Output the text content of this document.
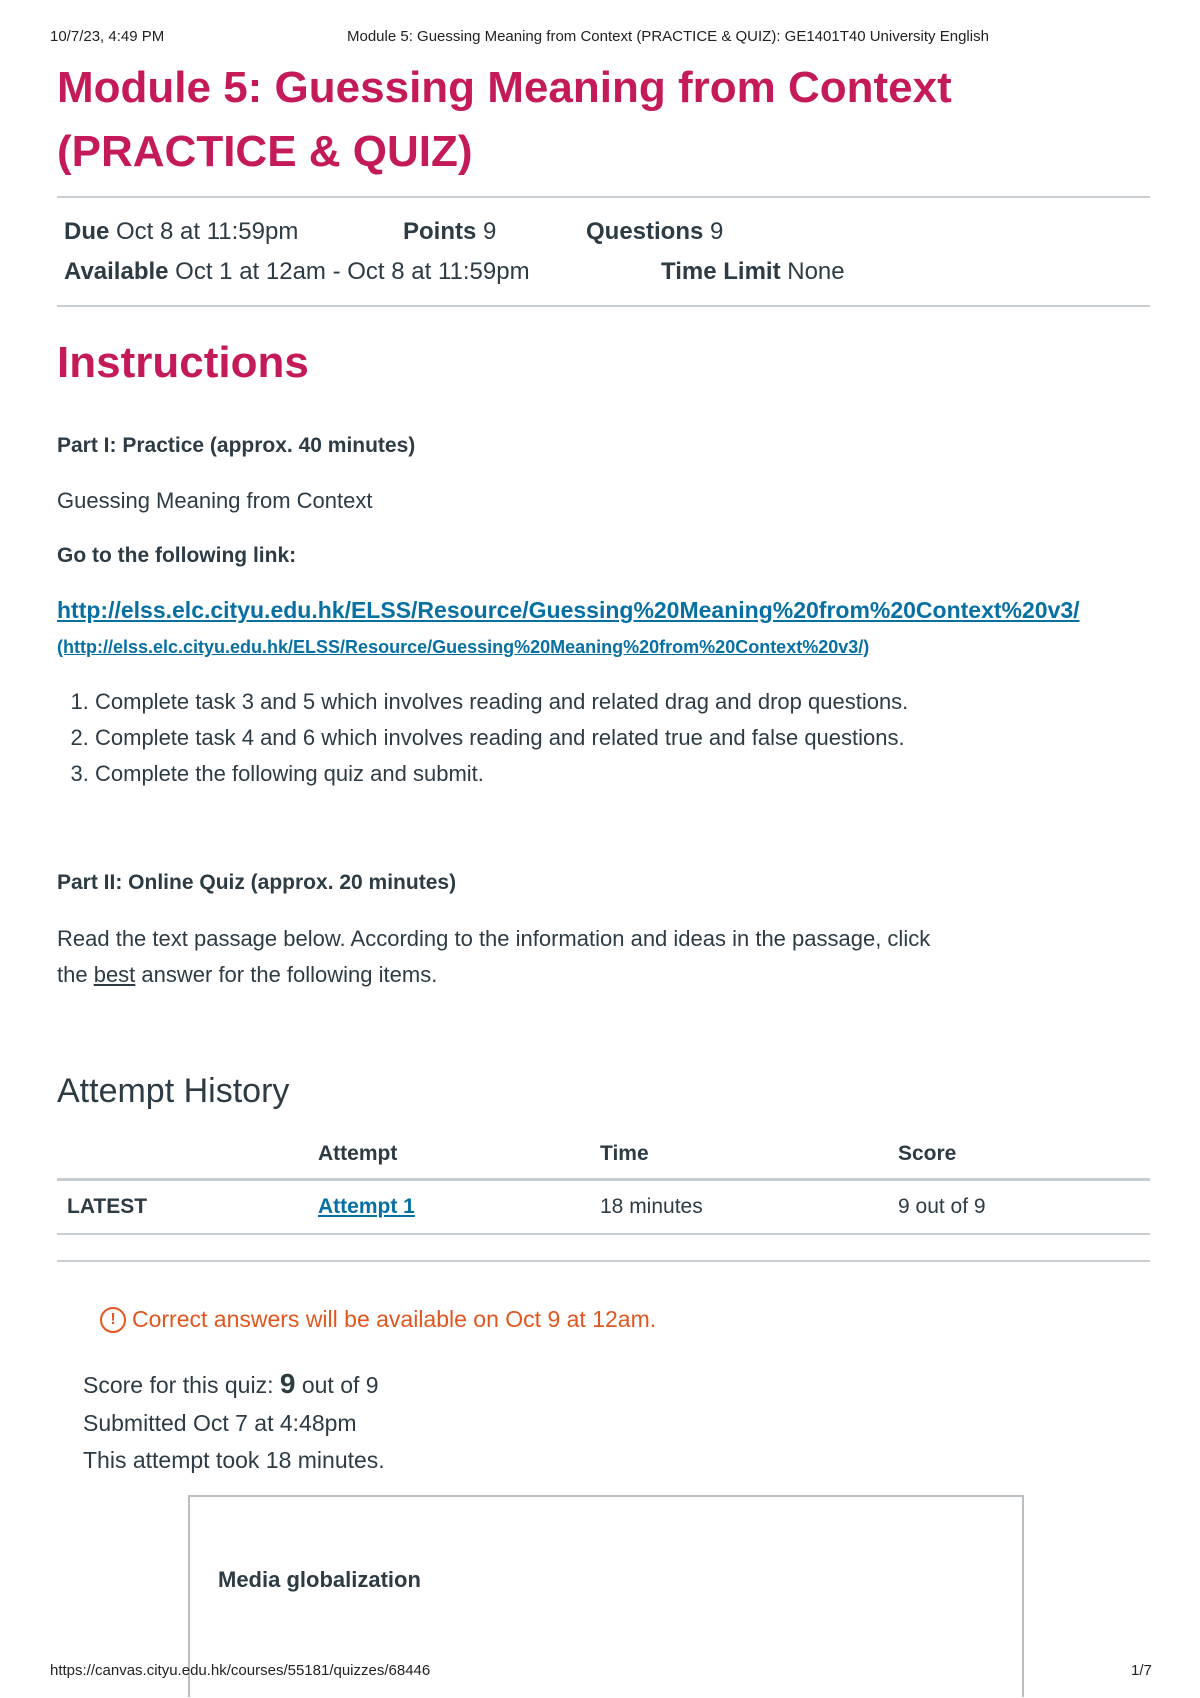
10/7/23, 4:49 PM	Module 5: Guessing Meaning from Context (PRACTICE & QUIZ): GE1401T40 University English
Module 5: Guessing Meaning from Context
(PRACTICE & QUIZ)
Due Oct 8 at 11:59pm	Points 9	Questions 9
Available Oct 1 at 12am - Oct 8 at 11:59pm	Time Limit None
Instructions
Part I: Practice (approx. 40 minutes)
Guessing Meaning from Context
Go to the following link:
http://elss.elc.cityu.edu.hk/ELSS/Resource/Guessing%20Meaning%20from%20Context%20v3/
(http://elss.elc.cityu.edu.hk/ELSS/Resource/Guessing%20Meaning%20from%20Context%20v3/)
1. Complete task 3 and 5 which involves reading and related drag and drop questions.
2. Complete task 4 and 6 which involves reading and related true and false questions.
3. Complete the following quiz and submit.
Part II: Online Quiz (approx. 20 minutes)
Read the text passage below. According to the information and ideas in the passage, click
the best answer for the following items.
Attempt History
	Attempt	Time	Score
LATEST	Attempt 1	18 minutes	9 out of 9
! Correct answers will be available on Oct 9 at 12am.
Score for this quiz: 9 out of 9
Submitted Oct 7 at 4:48pm
This attempt took 18 minutes.
Media globalization
https://canvas.cityu.edu.hk/courses/55181/quizzes/68446	1/7
